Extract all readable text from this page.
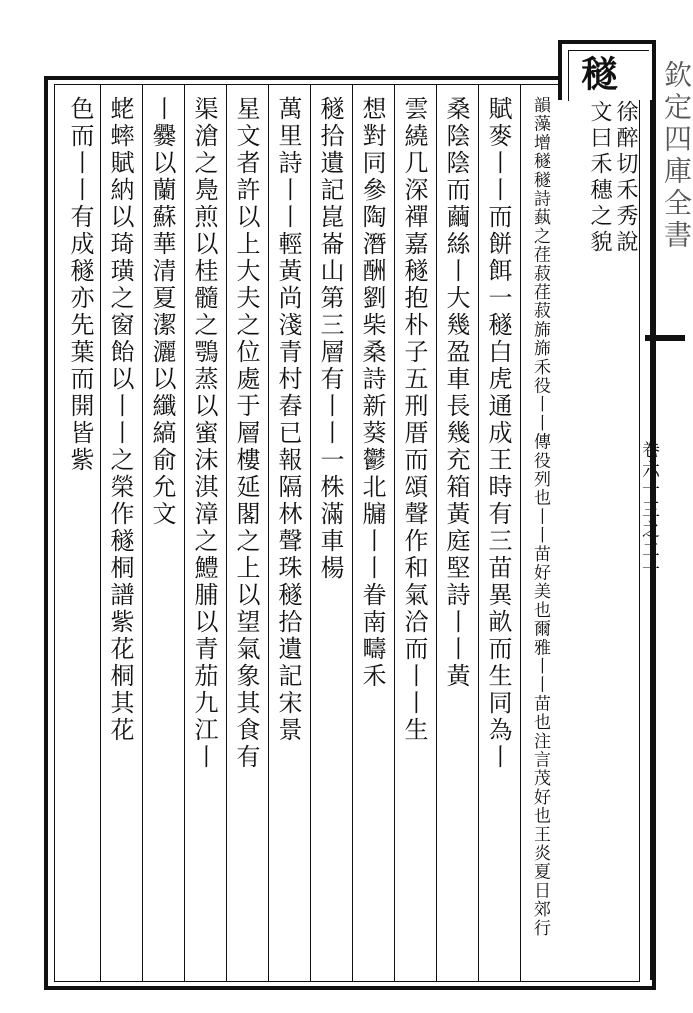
欽定四庫全書
卷六十三之二十
穟
徐醉切禾秀說
文曰禾穗之貌
韻藻增穟穟詩蓺之荏菽荏菽旆旆禾役丨丨傳役列也丨丨苗好美也爾雅丨丨苗也注言茂好也王炎夏日郊行
賦麥丨丨而餅餌一穟白虎通成王時有三苗異畝而生同為丨
桑陰陰而繭絲丨大幾盈車長幾充箱黃庭堅詩丨丨黃
雲繞几深禪嘉穟抱朴子五刑厝而頌聲作和氣洽而丨丨生
想對同參陶潛酬劉柴桑詩新葵鬱北牖丨丨眷南疇禾
穟拾遺記崑崙山第三層有丨丨一株滿車楊
萬里詩丨丨輕黃尚淺青村舂已報隔林聲珠穟拾遺記宋景
星文者許以上大夫之位處于層樓延閣之上以望氣象其食有
渠滄之鳧煎以桂髓之鶚蒸以蜜沫淇漳之鱧脯以青茄九江丨
丨爨以蘭蘇華清夏潔灑以纖縞俞允文
蛯蟀賦納以琦璜之窗飴以丨丨之榮作穟桐譜紫花桐其花
色而丨丨有成穟亦先葉而開皆紫
